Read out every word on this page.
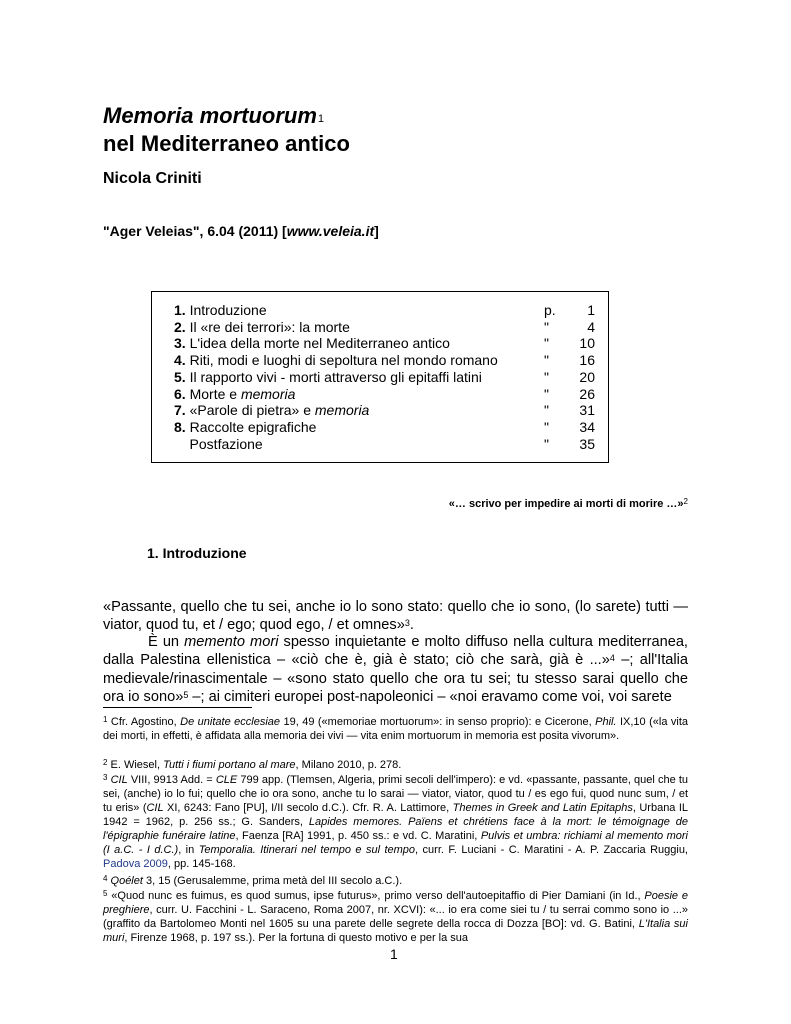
Memoria mortuorum$^1$
nel Mediterraneo antico
Nicola Criniti
"Ager Veleias", 6.04 (2011) [www.veleia.it]
1. Introduzione	p.	1
2. Il «re dei terrori»: la morte	"	4
3. L'idea della morte nel Mediterraneo antico	"	10
4. Riti, modi e luoghi di sepoltura nel mondo romano	"	16
5. Il rapporto vivi - morti attraverso gli epitaffi latini	"	20
6. Morte e memoria	"	26
7. «Parole di pietra» e memoria	"	31
8. Raccolte epigrafiche	"	34
Postfazione	"	35
«… scrivo per impedire ai morti di morire …»$^2$
1. Introduzione
«Passante, quello che tu sei, anche io lo sono stato: quello che io sono, (lo sarete) tutti — viator, quod tu, et / ego; quod ego, / et omnes»$^3$.
È un memento mori spesso inquietante e molto diffuso nella cultura mediterranea, dalla Palestina ellenistica – «ciò che è, già è stato; ciò che sarà, già è ...»$^4$ –; all'Italia medievale/rinascimentale – «sono stato quello che ora tu sei; tu stesso sarai quello che ora io sono»$^5$ –; ai cimiteri europei post-napoleonici – «noi eravamo come voi, voi sarete
$^1$ Cfr. Agostino, De unitate ecclesiae 19, 49 («memoriae mortuorum»: in senso proprio): e Cicerone, Phil. IX,10 («la vita dei morti, in effetti, è affidata alla memoria dei vivi — vita enim mortuorum in memoria est posita vivorum».
$^2$ E. Wiesel, Tutti i fiumi portano al mare, Milano 2010, p. 278.
$^3$ CIL VIII, 9913 Add. = CLE 799 app. (Tlemsen, Algeria, primi secoli dell'impero): e vd. «passante, passante, quel che tu sei, (anche) io lo fui; quello che io ora sono, anche tu lo sarai — viator, viator, quod tu / es ego fui, quod nunc sum, / et tu eris» (CIL XI, 6243: Fano [PU], I/II secolo d.C.). Cfr. R. A. Lattimore, Themes in Greek and Latin Epitaphs, Urbana IL 1942 = 1962, p. 256 ss.; G. Sanders, Lapides memores. Païens et chrétiens face à la mort: le témoignage de l'épigraphie funéraire latine, Faenza [RA] 1991, p. 450 ss.: e vd. C. Maratini, Pulvis et umbra: richiami al memento mori (I a.C. - I d.C.), in Temporalia. Itinerari nel tempo e sul tempo, curr. F. Luciani - C. Maratini - A. P. Zaccaria Ruggiu, Padova 2009, pp. 145-168.
$^4$ Qoélet 3, 15 (Gerusalemme, prima metà del III secolo a.C.).
$^5$ «Quod nunc es fuimus, es quod sumus, ipse futurus», primo verso dell'autoepitaffio di Pier Damiani (in Id., Poesie e preghiere, curr. U. Facchini - L. Saraceno, Roma 2007, nr. XCVI): «... io era come siei tu / tu serrai commo sono io ...» (graffito da Bartolomeo Monti nel 1605 su una parete delle segrete della rocca di Dozza [BO]: vd. G. Batini, L'Italia sui muri, Firenze 1968, p. 197 ss.). Per la fortuna di questo motivo e per la sua
1
